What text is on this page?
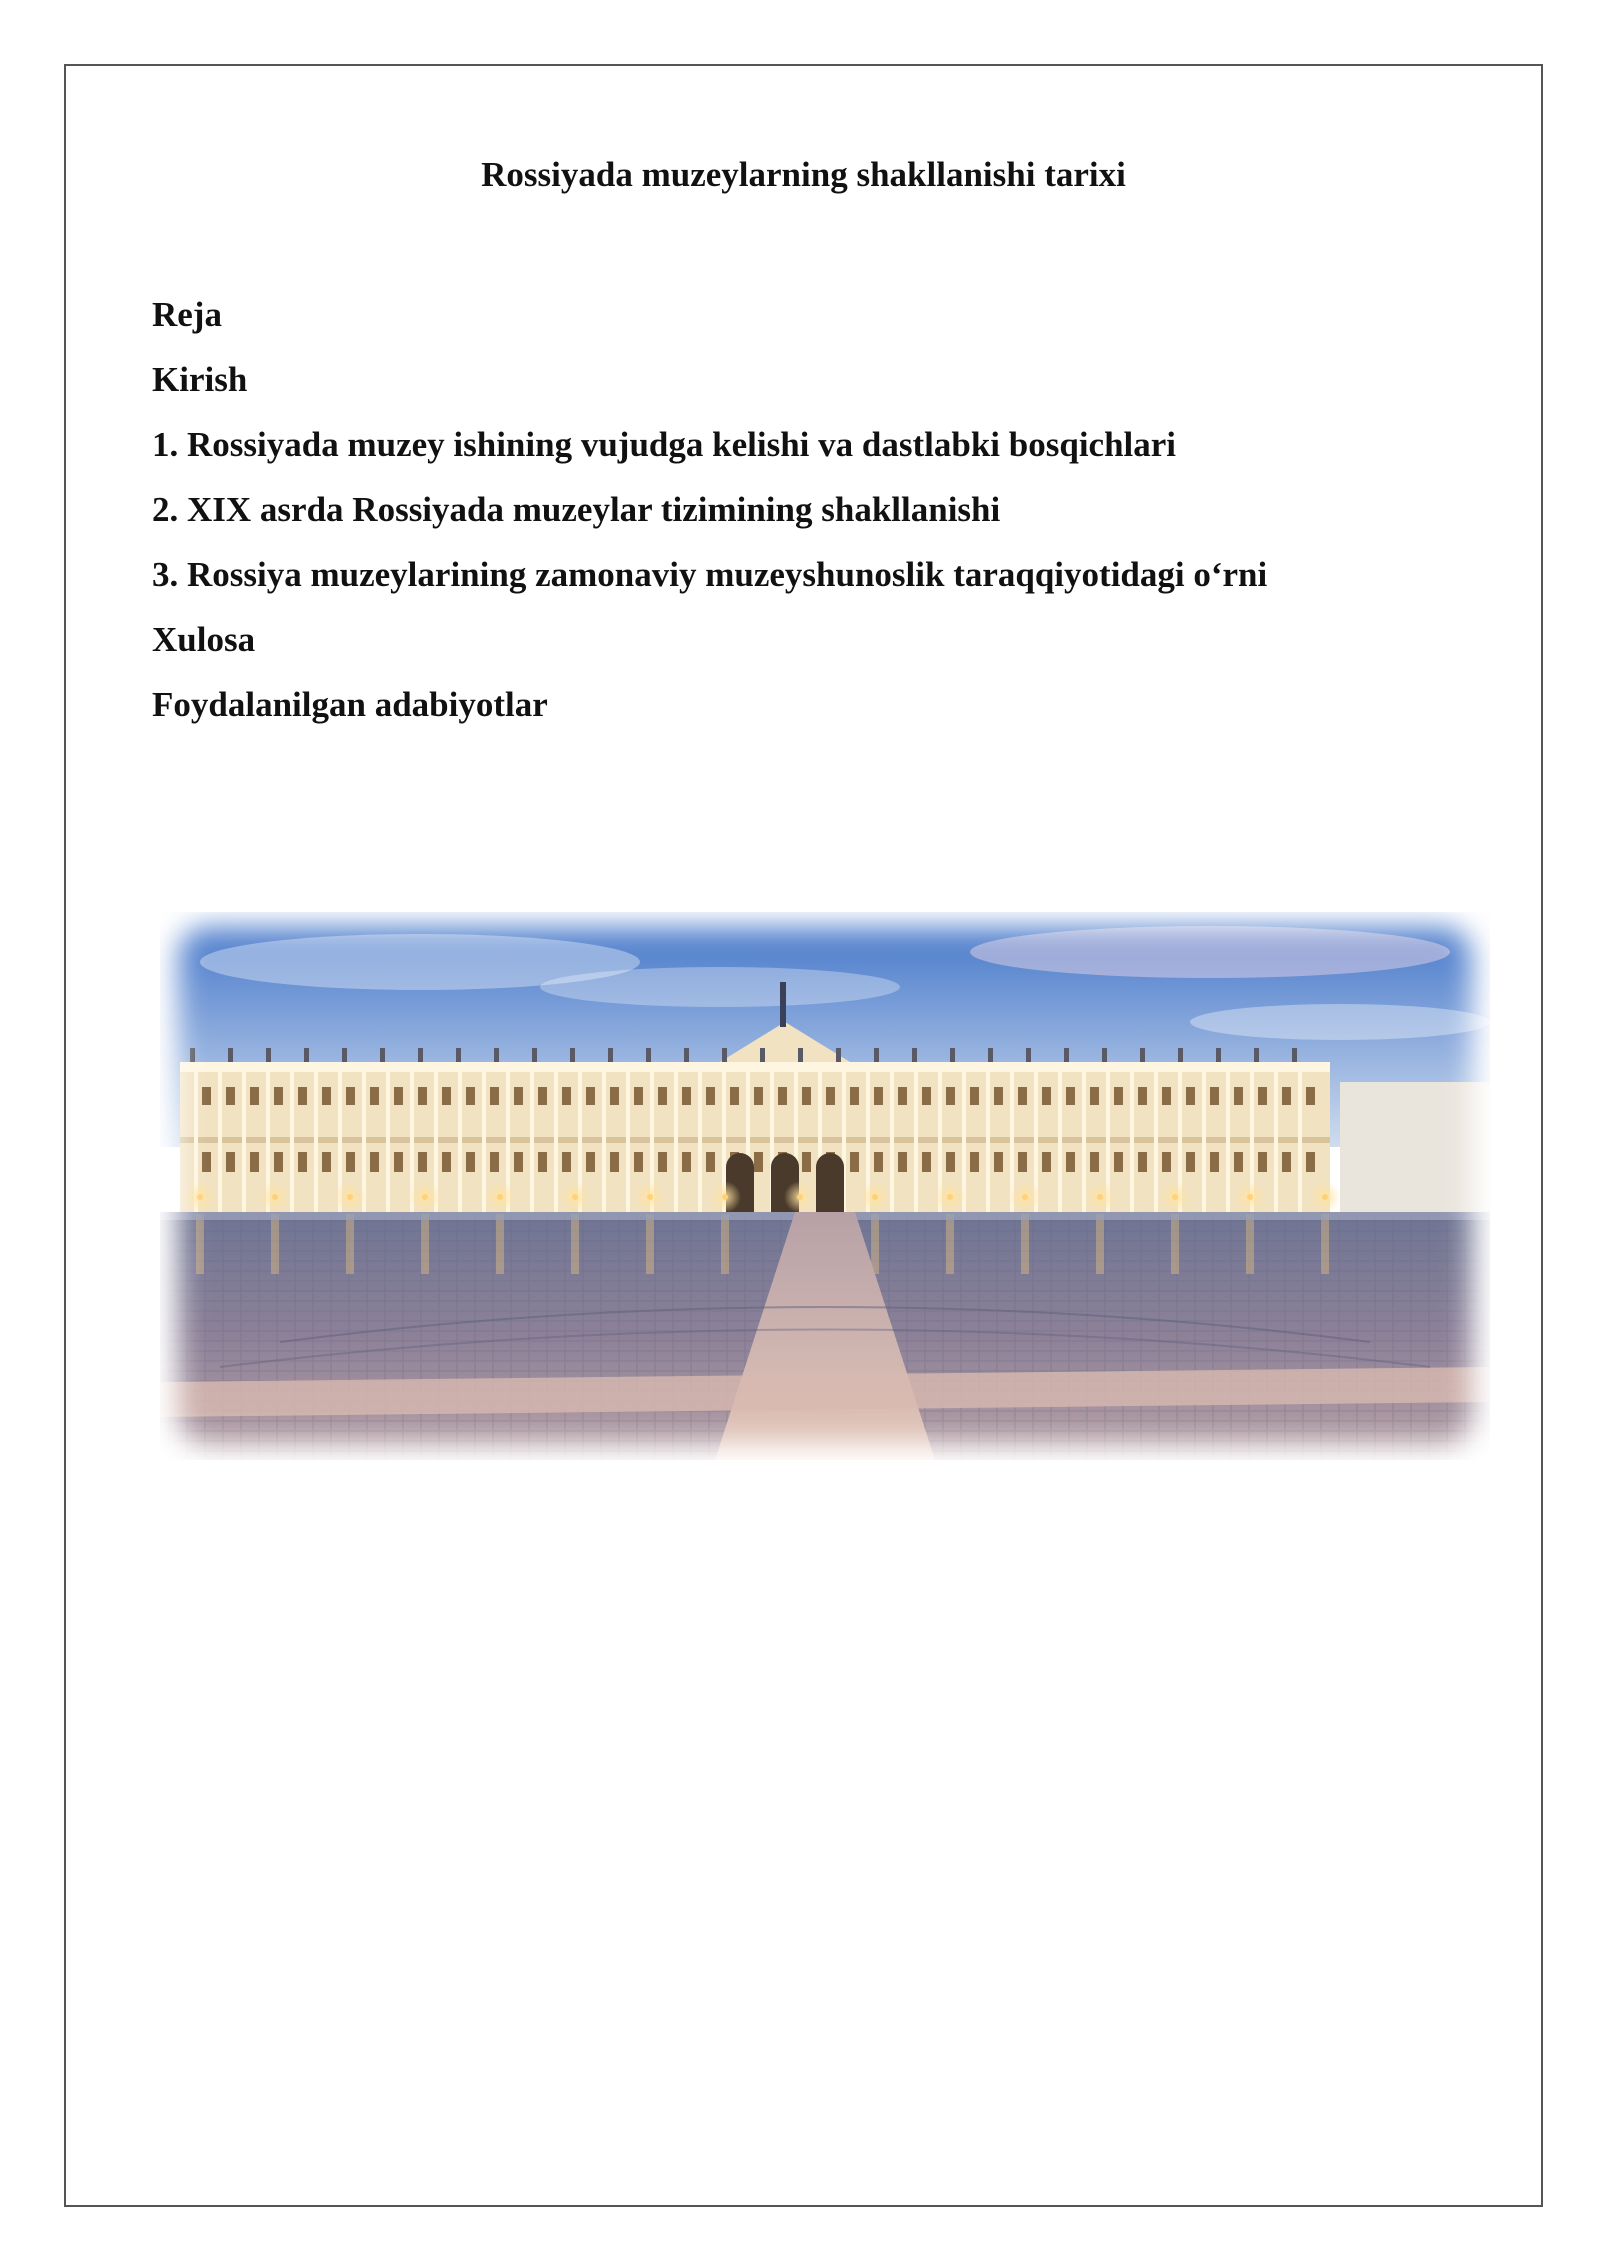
Rossiyada muzeylarning shakllanishi tarixi
Reja
Kirish
1. Rossiyada muzey ishining vujudga kelishi va dastlabki bosqichlari
2. XIX asrda Rossiyada muzeylar tizimining shakllanishi
3. Rossiya muzeylarining zamonaviy muzeyshunoslik taraqqiyotidagi o‘rni
Xulosa
Foydalanilgan adabiyotlar
